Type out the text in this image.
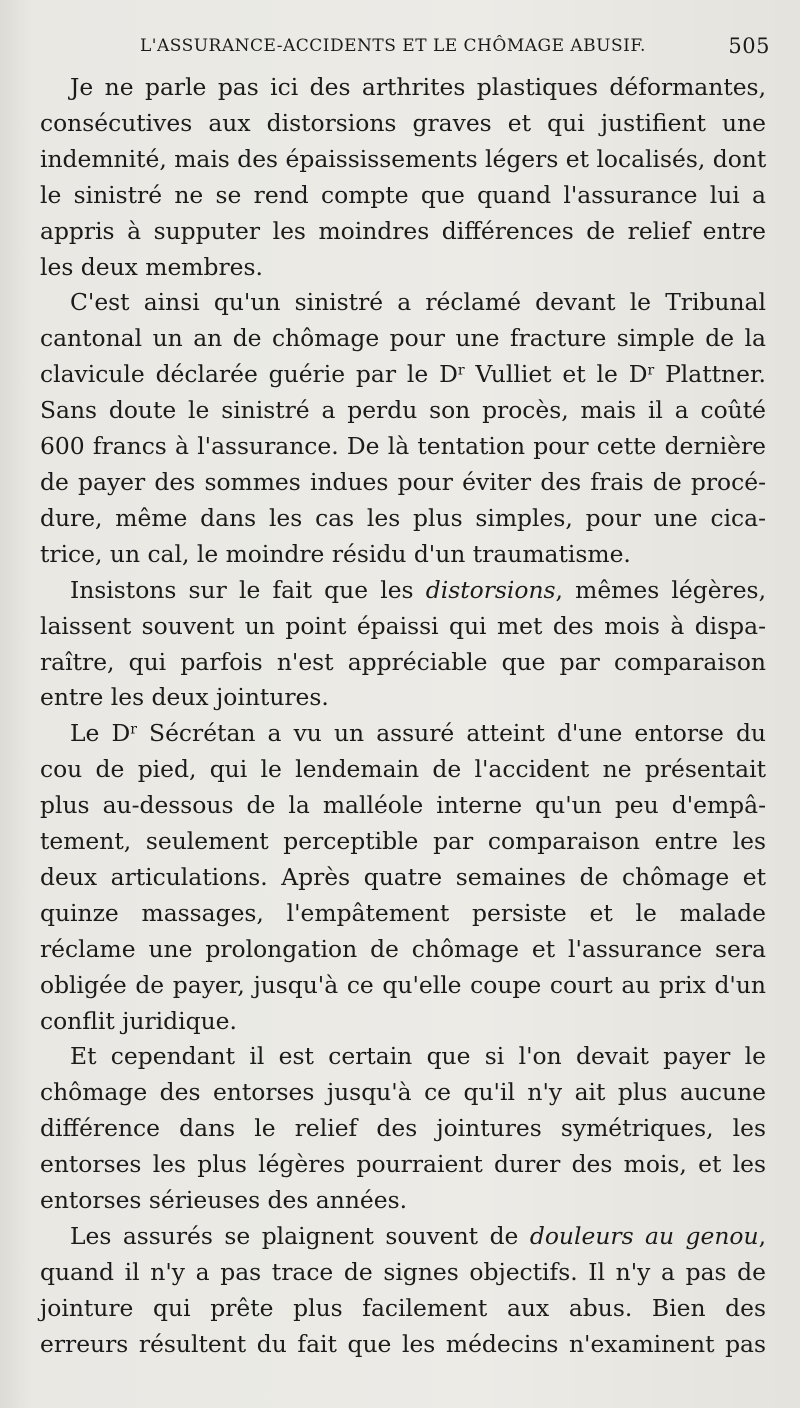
L'ASSURANCE-ACCIDENTS ET LE CHÔMAGE ABUSIF.	505
Je ne parle pas ici des arthrites plastiques déformantes,
consécutives aux distorsions graves et qui justifient une
indemnité, mais des épaississements légers et localisés, dont
le sinistré ne se rend compte que quand l'assurance lui a
appris à supputer les moindres différences de relief entre
les deux membres.
C'est ainsi qu'un sinistré a réclamé devant le Tribunal
cantonal un an de chômage pour une fracture simple de la
clavicule déclarée guérie par le $D^r$ Vulliet et le $D^r$ Plattner.
Sans doute le sinistré a perdu son procès, mais il a coûté
600 francs à l'assurance. De là tentation pour cette dernière
de payer des sommes indues pour éviter des frais de procé-
dure, même dans les cas les plus simples, pour une cica-
trice, un cal, le moindre résidu d'un traumatisme.
Insistons sur le fait que les distorsions, mêmes légères,
laissent souvent un point épaissi qui met des mois à dispa-
raître, qui parfois n'est appréciable que par comparaison
entre les deux jointures.
Le $D^r$ Sécrétan a vu un assuré atteint d'une entorse du
cou de pied, qui le lendemain de l'accident ne présentait
plus au-dessous de la malléole interne qu'un peu d'empâ-
tement, seulement perceptible par comparaison entre les
deux articulations. Après quatre semaines de chômage et
quinze massages, l'empâtement persiste et le malade
réclame une prolongation de chômage et l'assurance sera
obligée de payer, jusqu'à ce qu'elle coupe court au prix d'un
conflit juridique.
Et cependant il est certain que si l'on devait payer le
chômage des entorses jusqu'à ce qu'il n'y ait plus aucune
différence dans le relief des jointures symétriques, les
entorses les plus légères pourraient durer des mois, et les
entorses sérieuses des années.
Les assurés se plaignent souvent de douleurs au genou,
quand il n'y a pas trace de signes objectifs. Il n'y a pas de
jointure qui prête plus facilement aux abus. Bien des
erreurs résultent du fait que les médecins n'examinent pas
